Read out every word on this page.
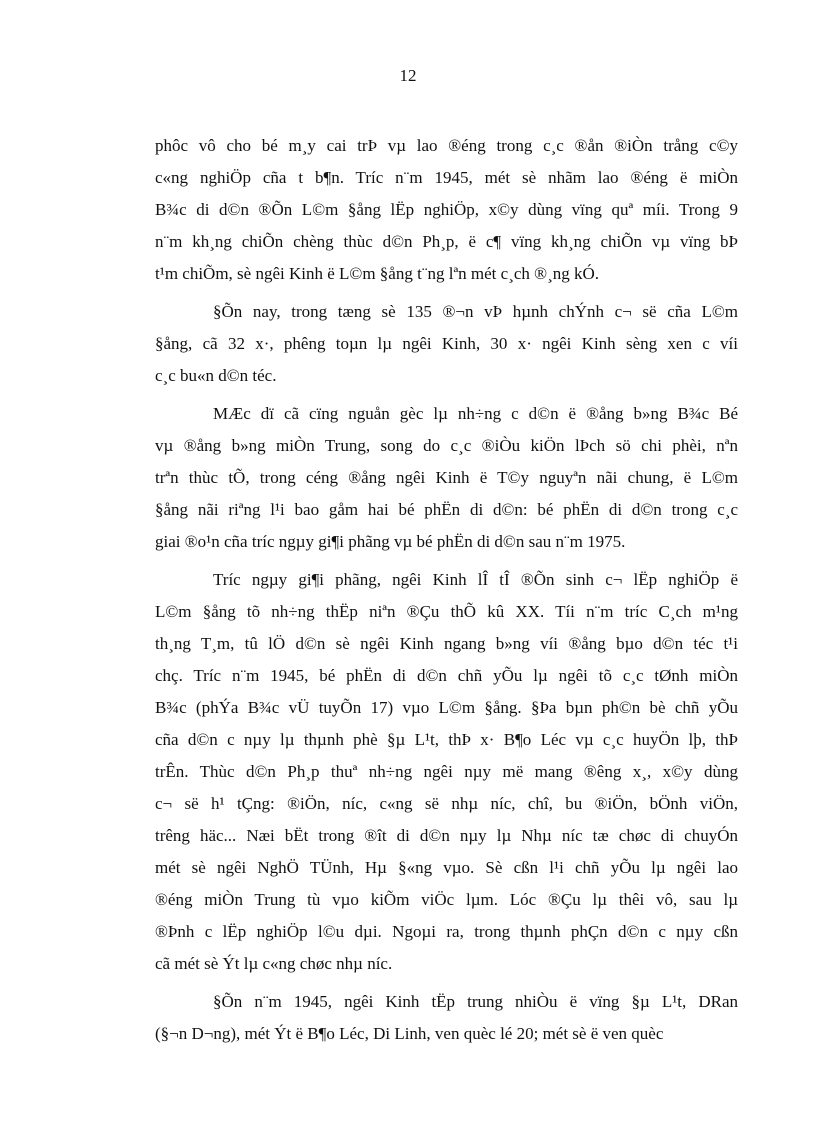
12
phôc vô cho bé m¸y cai trÞ vµ lao ®éng trong c¸c ®ån ®iÒn trång c©y
c«ng nghiÖp cña t b¶n. Tríc n¨m 1945, mét sè nhãm lao ®éng ë miÒn
B¾c di d©n ®Õn L©m §ång lËp nghiÖp, x©y dùng vïng quª míi. Trong 9
n¨m kh¸ng chiÕn chèng thùc d©n Ph¸p, ë c¶ vïng kh¸ng chiÕn vµ vïng bÞ
t¹m chiÕm, sè ngêi Kinh ë L©m §ång t¨ng lªn mét c¸ch ®¸ng kÓ.
§Õn nay, trong tæng sè 135 ®¬n vÞ hµnh chÝnh c¬ së cña L©m
§ång, cã 32 x·, phêng toµn lµ ngêi Kinh, 30 x· ngêi Kinh sèng xen c víi
c¸c bu«n d©n téc.
MÆc dï cã cïng nguån gèc lµ nh÷ng c d©n ë ®ång b»ng B¾c Bé
vµ ®ång b»ng miÒn Trung, song do c¸c ®iÒu kiÖn lÞch sö chi phèi, nªn
trªn thùc tÕ, trong céng ®ång ngêi Kinh ë T©y nguyªn nãi chung, ë L©m
§ång nãi riªng l¹i bao gåm hai bé phËn di d©n: bé phËn di d©n trong c¸c
giai ®o¹n cña tríc ngµy gi¶i phãng vµ bé phËn di d©n sau n¨m 1975.
Tríc ngµy gi¶i phãng, ngêi Kinh lÎ tÎ ®Õn sinh c¬ lËp nghiÖp ë
L©m §ång tõ nh÷ng thËp niªn ®Çu thÕ kû XX. Tíi n¨m tríc C¸ch m¹ng
th¸ng T¸m, tû lÖ d©n sè ngêi Kinh ngang b»ng víi ®ång bµo d©n téc t¹i
chç. Tríc n¨m 1945, bé phËn di d©n chñ yÕu lµ ngêi tõ c¸c tØnh miÒn
B¾c (phÝa B¾c vÜ tuyÕn 17) vµo L©m §ång. §Þa bµn ph©n bè chñ yÕu
cña d©n c nµy lµ thµnh phè §µ L¹t, thÞ x· B¶o Léc vµ c¸c huyÖn lþ, thÞ
trÊn. Thùc d©n Ph¸p thuª nh÷ng ngêi nµy më mang ®êng x¸, x©y dùng
c¬ së h¹ tÇng: ®iÖn, níc, c«ng së nhµ níc, chî, bu ®iÖn, bÖnh viÖn,
trêng häc... Næi bËt trong ®ît di d©n nµy lµ Nhµ níc tæ chøc di chuyÓn
mét sè ngêi NghÖ TÜnh, Hµ §«ng vµo. Sè cßn l¹i chñ yÕu lµ ngêi lao
®éng miÒn Trung tù vµo kiÕm viÖc lµm. Lóc ®Çu lµ thêi vô, sau lµ
®Þnh c lËp nghiÖp l©u dµi. Ngoµi ra, trong thµnh phÇn d©n c nµy cßn
cã mét sè Ýt lµ c«ng chøc nhµ níc.
§Õn n¨m 1945, ngêi Kinh tËp trung nhiÒu ë vïng §µ L¹t, DRan
(§¬n D¬ng), mét Ýt ë B¶o Léc, Di Linh, ven quèc lé 20; mét sè ë ven quèc
